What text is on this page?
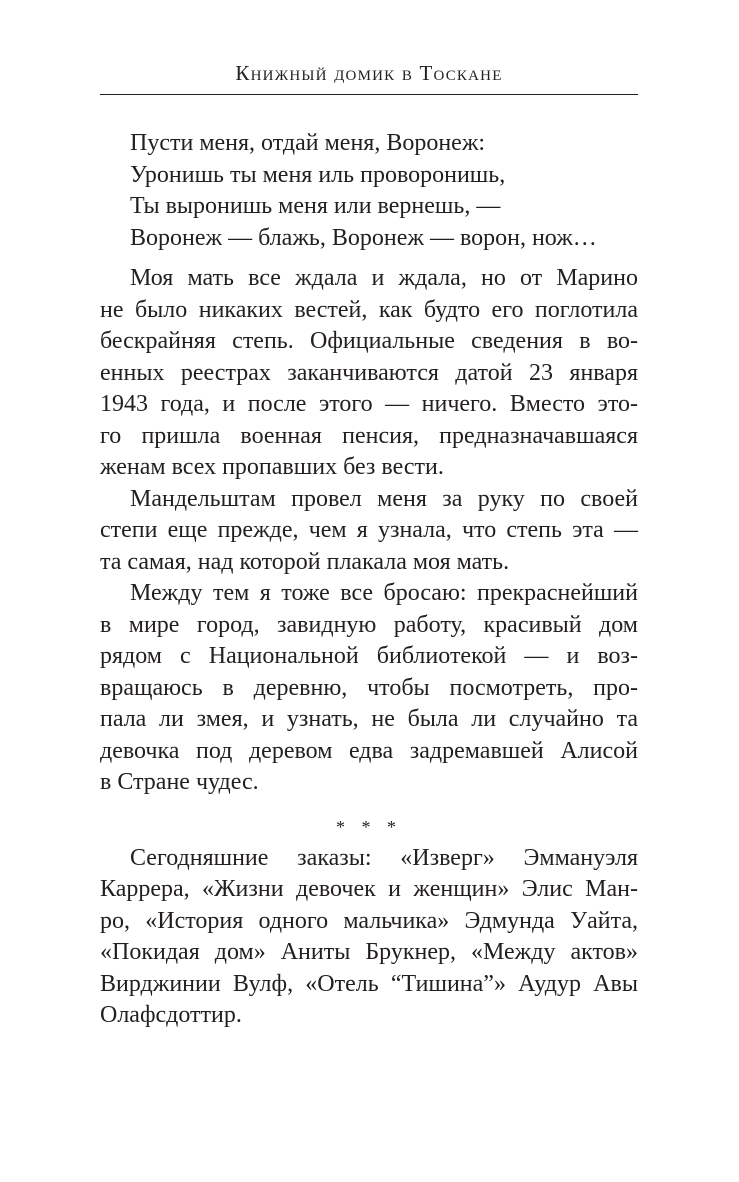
Книжный домик в Тоскане
Пусти меня, отдай меня, Воронеж:
Уронишь ты меня иль проворонишь,
Ты выронишь меня или вернешь, —
Воронеж — блажь, Воронеж — ворон, нож…
Моя мать все ждала и ждала, но от Марино
не было никаких вестей, как будто его поглотила
бескрайняя степь. Официальные сведения в во-
енных реестрах заканчиваются датой 23 января
1943 года, и после этого — ничего. Вместо это-
го пришла военная пенсия, предназначавшаяся
женам всех пропавших без вести.
Мандельштам провел меня за руку по своей
степи еще прежде, чем я узнала, что степь эта —
та самая, над которой плакала моя мать.
Между тем я тоже все бросаю: прекраснейший
в мире город, завидную работу, красивый дом
рядом с Национальной библиотекой — и воз-
вращаюсь в деревню, чтобы посмотреть, про-
пала ли змея, и узнать, не была ли случайно та
девочка под деревом едва задремавшей Алисой
в Стране чудес.
* * *
Сегодняшние заказы: «Изверг» Эммануэля
Каррера, «Жизни девочек и женщин» Элис Ман-
ро, «История одного мальчика» Эдмунда Уайта,
«Покидая дом» Аниты Брукнер, «Между актов»
Вирджинии Вулф, «Отель “Тишина”» Аудур Авы
Олафсдоттир.
